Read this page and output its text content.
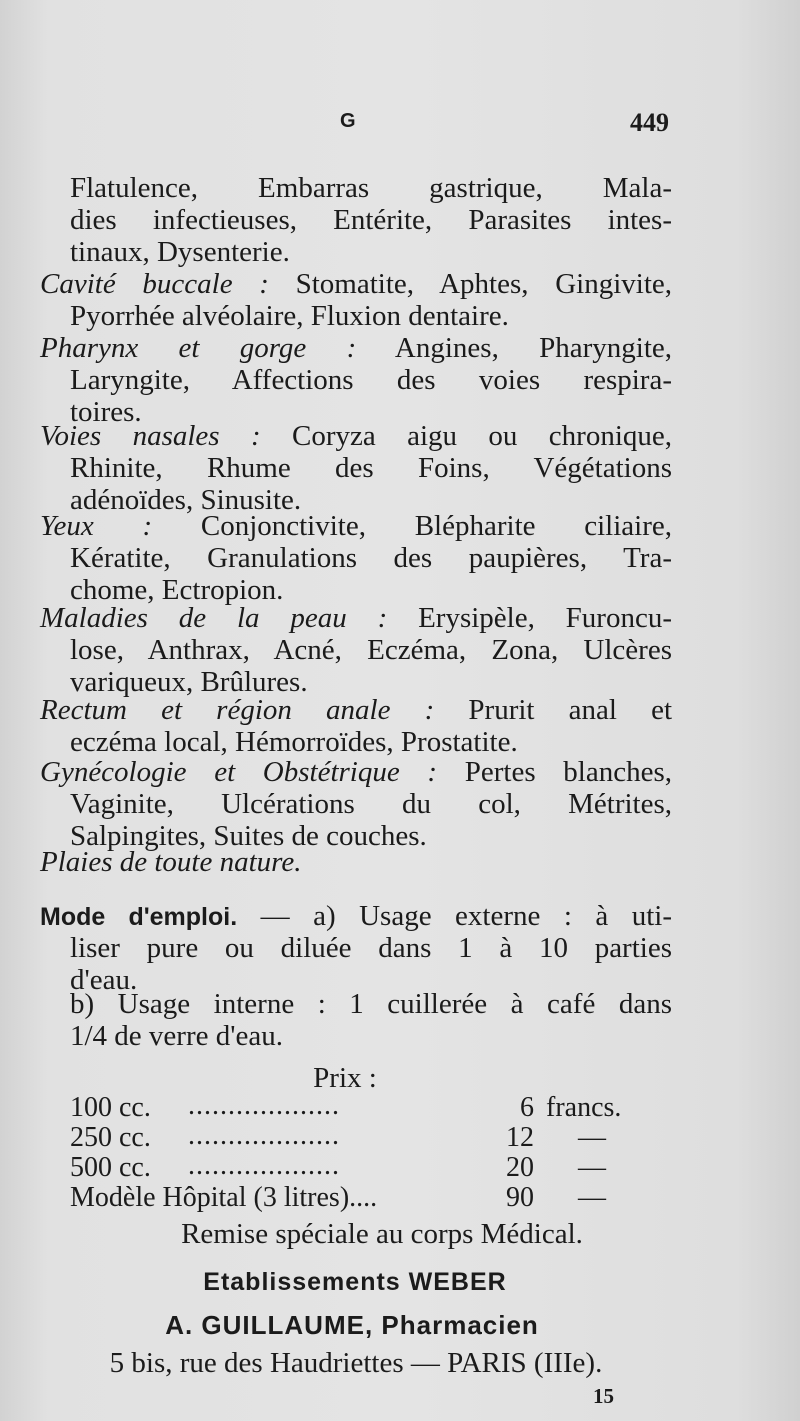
G	449
Flatulence, Embarras gastrique, Mala-
dies infectieuses, Entérite, Parasites intes-
tinaux, Dysenterie.
Cavité buccale : Stomatite, Aphtes, Gingivite,
Pyorrhée alvéolaire, Fluxion dentaire.
Pharynx et gorge : Angines, Pharyngite,
Laryngite, Affections des voies respira-
toires.
Voies nasales : Coryza aigu ou chronique,
Rhinite, Rhume des Foins, Végétations
adénoïdes, Sinusite.
Yeux : Conjonctivite, Blépharite ciliaire,
Kératite, Granulations des paupières, Tra-
chome, Ectropion.
Maladies de la peau : Erysipèle, Furoncu-
lose, Anthrax, Acné, Eczéma, Zona, Ulcères
variqueux, Brûlures.
Rectum et région anale : Prurit anal et
eczéma local, Hémorroïdes, Prostatite.
Gynécologie et Obstétrique : Pertes blanches,
Vaginite, Ulcérations du col, Métrites,
Salpingites, Suites de couches.
Plaies de toute nature.
Mode d'emploi. — a) Usage externe : à uti-
liser pure ou diluée dans 1 à 10 parties
d'eau.
b) Usage interne : 1 cuillerée à café dans
1/4 de verre d'eau.
Prix :
100 cc. ...................	6 francs.
250 cc. ...................	12 —
500 cc. ...................	20 —
Modèle Hôpital (3 litres)....	90 —
Remise spéciale au corps Médical.
Etablissements WEBER
A. GUILLAUME, Pharmacien
5 bis, rue des Haudriettes — PARIS (IIIe).
15
